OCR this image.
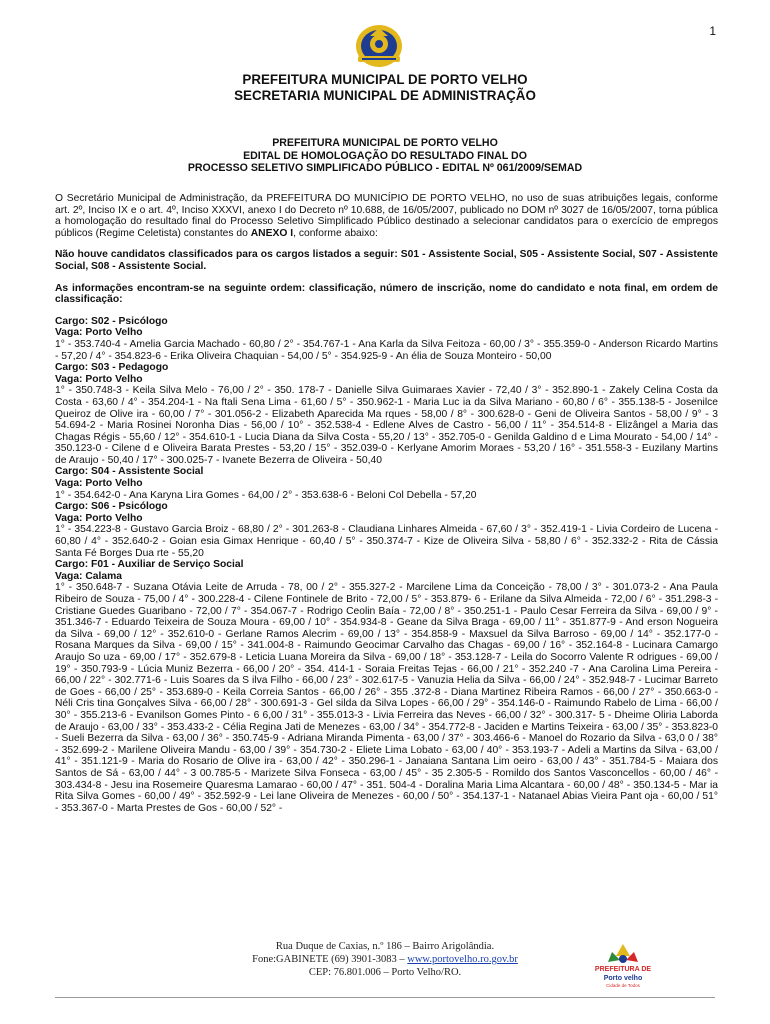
1
PREFEITURA MUNICIPAL DE PORTO VELHO
SECRETARIA MUNICIPAL DE ADMINISTRAÇÃO
PREFEITURA MUNICIPAL DE PORTO VELHO
EDITAL DE HOMOLOGAÇÃO DO RESULTADO FINAL DO
PROCESSO SELETIVO SIMPLIFICADO PÚBLICO - EDITAL Nº 061/2009/SEMAD

O Secretário Municipal de Administração, da PREFEITURA DO MUNICÍPIO DE PORTO VELHO, no uso de suas atribuições legais, conforme art. 2º, Inciso IX e o art. 4º, Inciso XXXVI, anexo I do Decreto nº 10.688, de 16/05/2007, publicado no DOM nº 3027 de 16/05/2007, torna pública a homologação do resultado final do Processo Seletivo Simplificado Público destinado a selecionar candidatos para o exercício de empregos públicos (Regime Celetista) constantes do ANEXO I, conforme abaixo:

Não houve candidatos classificados para os cargos listados a seguir: S01 - Assistente Social, S05 - Assistente Social, S07 - Assistente Social, S08 - Assistente Social.

As informações encontram-se na seguinte ordem: classificação, número de inscrição, nome do candidato e nota final, em ordem de classificação:

Cargo: S02 - Psicólogo

Vaga: Porto Velho

1° - 353.740-4 - Amelia Garcia Machado - 60,80 / 2° - 354.767-1 - Ana Karla da Silva Feitoza - 60,00 / 3° - 355.359-0 - Anderson Ricardo Martins - 57,20 / 4° - 354.823-6 - Erika Oliveira Chaquian - 54,00 / 5° - 354.925-9 - An élia de Souza Monteiro - 50,00

Cargo: S03 - Pedagogo

Vaga: Porto Velho

1° - 350.748-3 - Keila Silva Melo - 76,00 / 2° - 350. 178-7 - Danielle Silva Guimaraes Xavier - 72,40 / 3° - 352.890-1 - Zakely Celina Costa da Costa - 63,60 / 4° - 354.204-1 - Na ftali Sena Lima - 61,60 / 5° - 350.962-1 - Maria Luc ia da Silva Mariano - 60,80 / 6° - 355.138-5 - Josenilce Queiroz de Olive ira - 60,00 / 7° - 301.056-2 - Elizabeth Aparecida Ma rques - 58,00 / 8° - 300.628-0 - Geni de Oliveira Santos - 58,00 / 9° - 3 54.694-2 - Maria Rosinei Noronha Dias - 56,00 / 10° - 352.538-4 - Edlene Alves de Castro - 56,00 / 11° - 354.514-8 - Elizângel a Maria das Chagas Régis - 55,60 / 12° - 354.610-1 - Lucia Diana da Silva Costa - 55,20 / 13° - 352.705-0 - Genilda Galdino d e Lima Mourato - 54,00 / 14° - 350.123-0 - Cilene d e Oliveira Barata Prestes - 53,20 / 15° - 352.039-0 - Kerlyane Amorim Moraes - 53,20 / 16° - 351.558-3 - Euzilany Martins de Araujo - 50,40 / 17° - 300.025-7 - Ivanete Bezerra de Oliveira - 50,40

Cargo: S04 - Assistente Social

Vaga: Porto Velho

1° - 354.642-0 - Ana Karyna Lira Gomes - 64,00 / 2° - 353.638-6 - Beloni Col Debella - 57,20

Cargo: S06 - Psicólogo

Vaga: Porto Velho

1° - 354.223-8 - Gustavo Garcia Broiz - 68,80 / 2° - 301.263-8 - Claudiana Linhares Almeida - 67,60 / 3° - 352.419-1 - Livia Cordeiro de Lucena - 60,80 / 4° - 352.640-2 - Goian esia Gimax Henrique - 60,40 / 5° - 350.374-7 - Kize de Oliveira Silva - 58,80 / 6° - 352.332-2 - Rita de Cássia Santa Fé Borges Dua rte - 55,20

Cargo: F01 - Auxiliar de Serviço Social

Vaga: Calama

1° - 350.648-7 - Suzana Otávia Leite de Arruda - 78, 00 / 2° - 355.327-2 - Marcilene Lima da Conceição - 78,00 / 3° - 301.073-2 - Ana Paula Ribeiro de Souza - 75,00 / 4° - 300.228-4 - Cilene Fontinele de Brito - 72,00 / 5° - 353.879- 6 - Erilane da Silva Almeida - 72,00 / 6° - 351.298-3 - Cristiane Guedes Guaribano - 72,00 / 7° - 354.067-7 - Rodrigo Ceolin Baía - 72,00 / 8° - 350.251-1 - Paulo Cesar Ferreira da Silva - 69,00 / 9° - 351.346-7 - Eduardo Teixeira de Souza Moura - 69,00 / 10° - 354.934-8 - Geane da Silva Braga - 69,00 / 11° - 351.877-9 - And erson Nogueira da Silva - 69,00 / 12° - 352.610-0 - Gerlane Ramos Alecrim - 69,00 / 13° - 354.858-9 - Maxsuel da Silva Barroso - 69,00 / 14° - 352.177-0 - Rosana Marques da Silva - 69,00 / 15° - 341.004-8 - Raimundo Geocimar Carvalho das Chagas - 69,00 / 16° - 352.164-8 - Lucinara Camargo Araujo So uza - 69,00 / 17° - 352.679-8 - Leticia Luana Moreira da Silva - 69,00 / 18° - 353.128-7 - Leila do Socorro Valente R odrigues - 69,00 / 19° - 350.793-9 - Lúcia Muniz Bezerra - 66,00 / 20° - 354. 414-1 - Soraia Freitas Tejas - 66,00 / 21° - 352.240 -7 - Ana Carolina Lima Pereira - 66,00 / 22° - 302.771-6 - Luis Soares da S ilva Filho - 66,00 / 23° - 302.617-5 - Vanuzia Helia da Silva - 66,00 / 24° - 352.948-7 - Lucimar Barreto de Goes - 66,00 / 25° - 353.689-0 - Keila Correia Santos - 66,00 / 26° - 355 .372-8 - Diana Martinez Ribeira Ramos - 66,00 / 27° - 350.663-0 - Néli Cris tina Gonçalves Silva - 66,00 / 28° - 300.691-3 - Gel silda da Silva Lopes - 66,00 / 29° - 354.146-0 - Raimundo Rabelo de Lima - 66,00 / 30° - 355.213-6 - Evanilson Gomes Pinto - 6 6,00 / 31° - 355.013-3 - Livia Ferreira das Neves - 66,00 / 32° - 300.317- 5 - Dheime Oliria Laborda de Araujo - 63,00 / 33° - 353.433-2 - Célia Regina Jati de Menezes - 63,00 / 34° - 354.772-8 - Jaciden e Martins Teixeira - 63,00 / 35° - 353.823-0 - Sueli Bezerra da Silva - 63,00 / 36° - 350.745-9 - Adriana Miranda Pimenta - 63,00 / 37° - 303.466-6 - Manoel do Rozario da Silva - 63,0 0 / 38° - 352.699-2 - Marilene Oliveira Mandu - 63,00 / 39° - 354.730-2 - Eliete Lima Lobato - 63,00 / 40° - 353.193-7 - Adeli a Martins da Silva - 63,00 / 41° - 351.121-9 - Maria do Rosario de Olive ira - 63,00 / 42° - 350.296-1 - Janaiana Santana Lim oeiro - 63,00 / 43° - 351.784-5 - Maiara dos Santos de Sá - 63,00 / 44° - 3 00.785-5 - Marizete Silva Fonseca - 63,00 / 45° - 35 2.305-5 - Romildo dos Santos Vasconcellos - 60,00 / 46° - 303.434-8 - Jesu ina Rosemeire Quaresma Lamarao - 60,00 / 47° - 351. 504-4 - Doralina Maria Lima Alcantara - 60,00 / 48° - 350.134-5 - Mar ia Rita Silva Gomes - 60,00 / 49° - 352.592-9 - Lei lane Oliveira de Menezes - 60,00 / 50° - 354.137-1 - Natanael Abias Vieira Pant oja - 60,00 / 51° - 353.367-0 - Marta Prestes de Gos - 60,00 / 52° -

Rua Duque de Caxias, n.º 186 – Bairro Arigolândia.
Fone:GABINETE (69) 3901-3083 – www.portovelho.ro.gov.br
CEP: 76.801.006 – Porto Velho/RO.	PREFEITURA DE
Porto velho
Cidade de Todos
